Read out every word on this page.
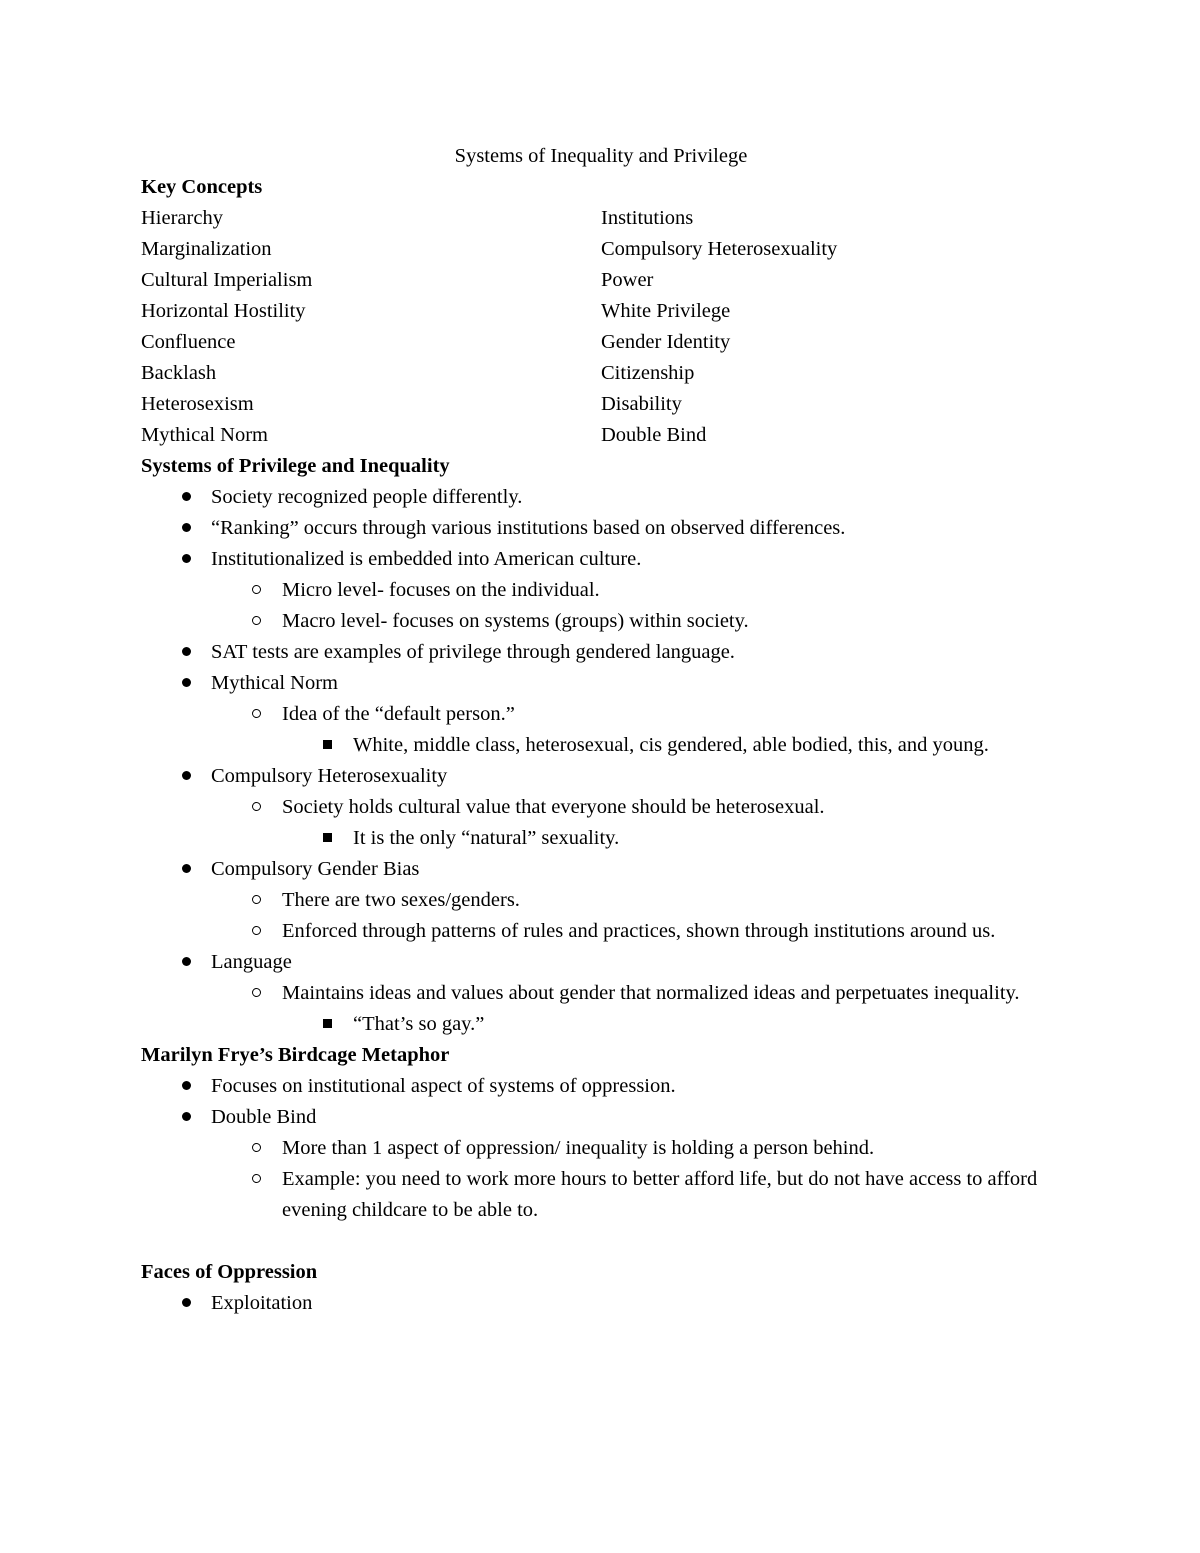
Systems of Inequality and Privilege
Key Concepts
Hierarchy
Marginalization
Cultural Imperialism
Horizontal Hostility
Confluence
Backlash
Heterosexism
Mythical Norm
Institutions
Compulsory Heterosexuality
Power
White Privilege
Gender Identity
Citizenship
Disability
Double Bind
Systems of Privilege and Inequality
Society recognized people differently.
“Ranking” occurs through various institutions based on observed differences.
Institutionalized is embedded into American culture.
Micro level- focuses on the individual.
Macro level- focuses on systems (groups) within society.
SAT tests are examples of privilege through gendered language.
Mythical Norm
Idea of the “default person.”
White, middle class, heterosexual, cis gendered, able bodied, this, and young.
Compulsory Heterosexuality
Society holds cultural value that everyone should be heterosexual.
It is the only “natural” sexuality.
Compulsory Gender Bias
There are two sexes/genders.
Enforced through patterns of rules and practices, shown through institutions around us.
Language
Maintains ideas and values about gender that normalized ideas and perpetuates inequality.
“That’s so gay.”
Marilyn Frye’s Birdcage Metaphor
Focuses on institutional aspect of systems of oppression.
Double Bind
More than 1 aspect of oppression/ inequality is holding a person behind.
Example: you need to work more hours to better afford life, but do not have access to afford evening childcare to be able to.
Faces of Oppression
Exploitation
